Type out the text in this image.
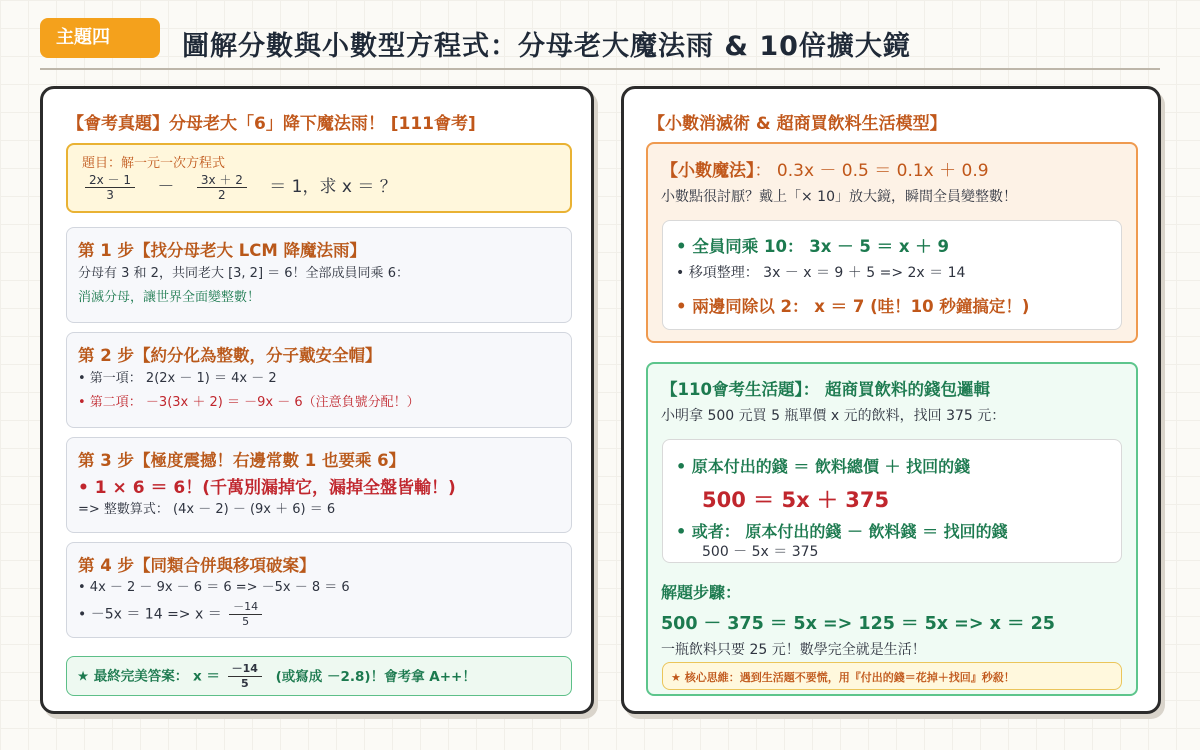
主題四	圖解分數與小數型方程式：分母老大魔法雨 & 10倍擴大鏡
【會考真題】分母老大「6」降下魔法雨！ [111會考]
題目：解一元一次方程式
$\frac{2x - 1}{3} - \frac{3x + 2}{2} = 1$，求 x ＝ ？
第 1 步【找分母老大 LCM 降魔法雨】
分母有 3 和 2，共同老大 [3, 2] ＝ 6！全部成員同乘 6：
消滅分母，讓世界全面變整數！
第 2 步【約分化為整數，分子戴安全帽】
• 第一項： 2(2x － 1) ＝ 4x － 2
• 第二項： －3(3x ＋ 2) ＝ －9x － 6（注意負號分配！）
第 3 步【極度震撼！右邊常數 1 也要乘 6】
• 1 × 6 ＝ 6！(千萬別漏掉它，漏掉全盤皆輸！)
=> 整數算式： (4x － 2) － (9x ＋ 6) ＝ 6
第 4 步【同類合併與移項破案】
• 4x － 2 － 9x － 6 ＝ 6 => －5x － 8 ＝ 6
• $-5x = 14 => x = \frac{-14}{5}$
★ 最終完美答案： $x = \frac{-14}{5}$ (或寫成 －2.8)！會考拿 A++！
【小數消滅術 & 超商買飲料生活模型】
【小數魔法】： 0.3x － 0.5 ＝ 0.1x ＋ 0.9
小數點很討厭？戴上「× 10」放大鏡，瞬間全員變整數！
• 全員同乘 10： 3x － 5 ＝ x ＋ 9
• 移項整理： 3x － x ＝ 9 ＋ 5 => 2x ＝ 14
• 兩邊同除以 2： x ＝ 7 (哇！10 秒鐘搞定！)
【110會考生活題】： 超商買飲料的錢包邏輯
小明拿 500 元買 5 瓶單價 x 元的飲料，找回 375 元：
• 原本付出的錢 ＝ 飲料總價 ＋ 找回的錢
500 ＝ 5x ＋ 375
• 或者： 原本付出的錢 － 飲料錢 ＝ 找回的錢
500 － 5x ＝ 375
解題步驟：
500 － 375 ＝ 5x => 125 ＝ 5x => x ＝ 25
一瓶飲料只要 25 元！數學完全就是生活！
★ 核心思維：遇到生活題不要慌，用『付出的錢＝花掉＋找回』秒殺！
